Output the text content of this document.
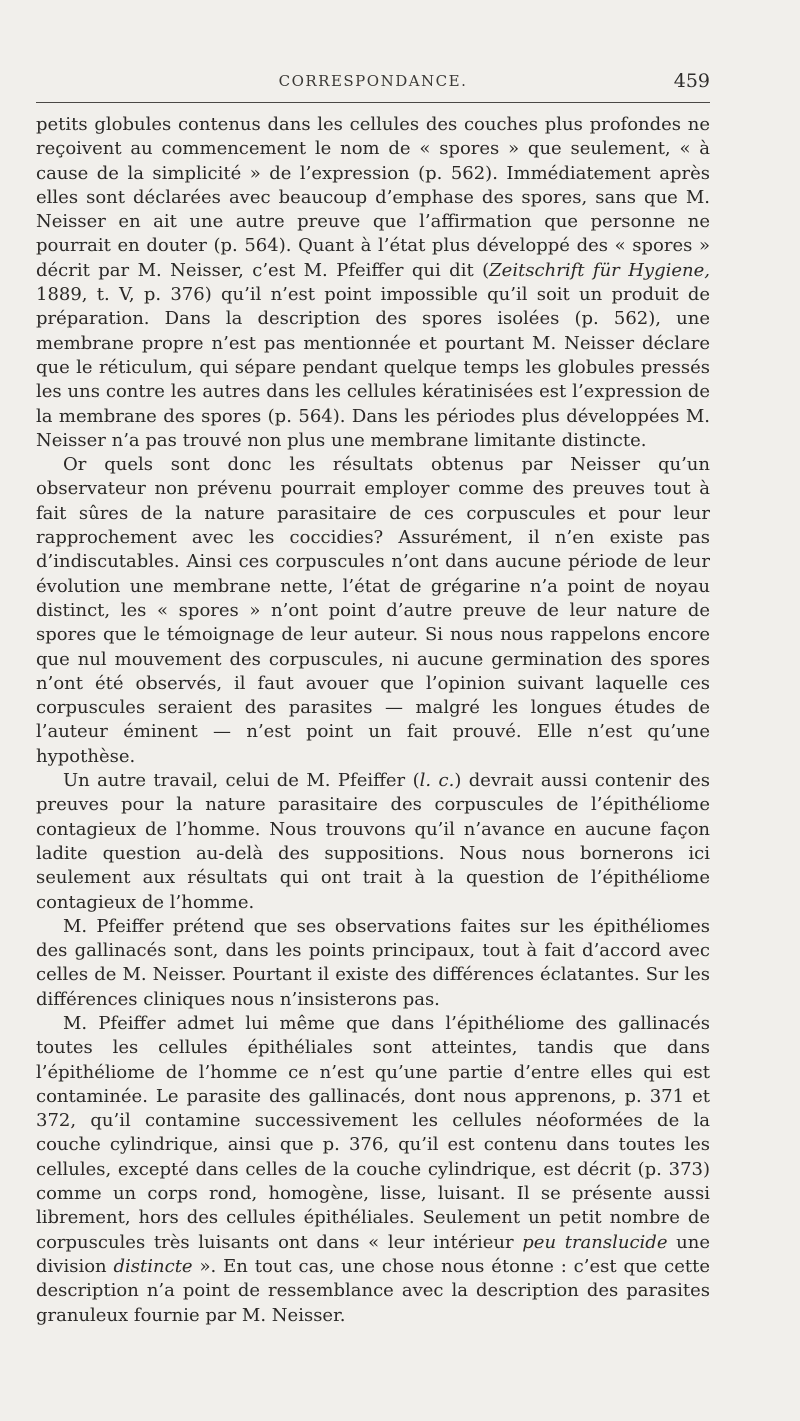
CORRESPONDANCE.	459

petits globules contenus dans les cellules des couches plus profondes ne reçoivent au commencement le nom de « spores » que seulement, « à cause de la simplicité » de l’expression (p. 562). Immédiatement après elles sont déclarées avec beaucoup d’emphase des spores, sans que M. Neisser en ait une autre preuve que l’affirmation que personne ne pourrait en douter (p. 564). Quant à l’état plus développé des « spores » décrit par M. Neisser, c’est M. Pfeiffer qui dit (Zeitschrift für Hygiene, 1889, t. V, p. 376) qu’il n’est point impossible qu’il soit un produit de préparation. Dans la description des spores isolées (p. 562), une membrane propre n’est pas mentionnée et pourtant M. Neisser déclare que le réticulum, qui sépare pendant quelque temps les globules pressés les uns contre les autres dans les cellules kératinisées est l’expression de la membrane des spores (p. 564). Dans les périodes plus développées M. Neisser n’a pas trouvé non plus une membrane limitante distincte.

Or quels sont donc les résultats obtenus par Neisser qu’un observateur non prévenu pourrait employer comme des preuves tout à fait sûres de la nature parasitaire de ces corpuscules et pour leur rapprochement avec les coccidies? Assurément, il n’en existe pas d’indiscutables. Ainsi ces corpuscules n’ont dans aucune période de leur évolution une membrane nette, l’état de grégarine n’a point de noyau distinct, les « spores » n’ont point d’autre preuve de leur nature de spores que le témoignage de leur auteur. Si nous nous rappelons encore que nul mouvement des corpuscules, ni aucune germination des spores n’ont été observés, il faut avouer que l’opinion suivant laquelle ces corpuscules seraient des parasites — malgré les longues études de l’auteur éminent — n’est point un fait prouvé. Elle n’est qu’une hypothèse.

Un autre travail, celui de M. Pfeiffer (l. c.) devrait aussi contenir des preuves pour la nature parasitaire des corpuscules de l’épithéliome contagieux de l’homme. Nous trouvons qu’il n’avance en aucune façon ladite question au-delà des suppositions. Nous nous bornerons ici seulement aux résultats qui ont trait à la question de l’épithéliome contagieux de l’homme.

M. Pfeiffer prétend que ses observations faites sur les épithéliomes des gallinacés sont, dans les points principaux, tout à fait d’accord avec celles de M. Neisser. Pourtant il existe des différences éclatantes. Sur les différences cliniques nous n’insisterons pas.

M. Pfeiffer admet lui même que dans l’épithéliome des gallinacés toutes les cellules épithéliales sont atteintes, tandis que dans l’épithéliome de l’homme ce n’est qu’une partie d’entre elles qui est contaminée. Le parasite des gallinacés, dont nous apprenons, p. 371 et 372, qu’il contamine successivement les cellules néoformées de la couche cylindrique, ainsi que p. 376, qu’il est contenu dans toutes les cellules, excepté dans celles de la couche cylindrique, est décrit (p. 373) comme un corps rond, homogène, lisse, luisant. Il se présente aussi librement, hors des cellules épithéliales. Seulement un petit nombre de corpuscules très luisants ont dans « leur intérieur peu translucide une division distincte ». En tout cas, une chose nous étonne : c’est que cette description n’a point de ressemblance avec la description des parasites granuleux fournie par M. Neisser.
